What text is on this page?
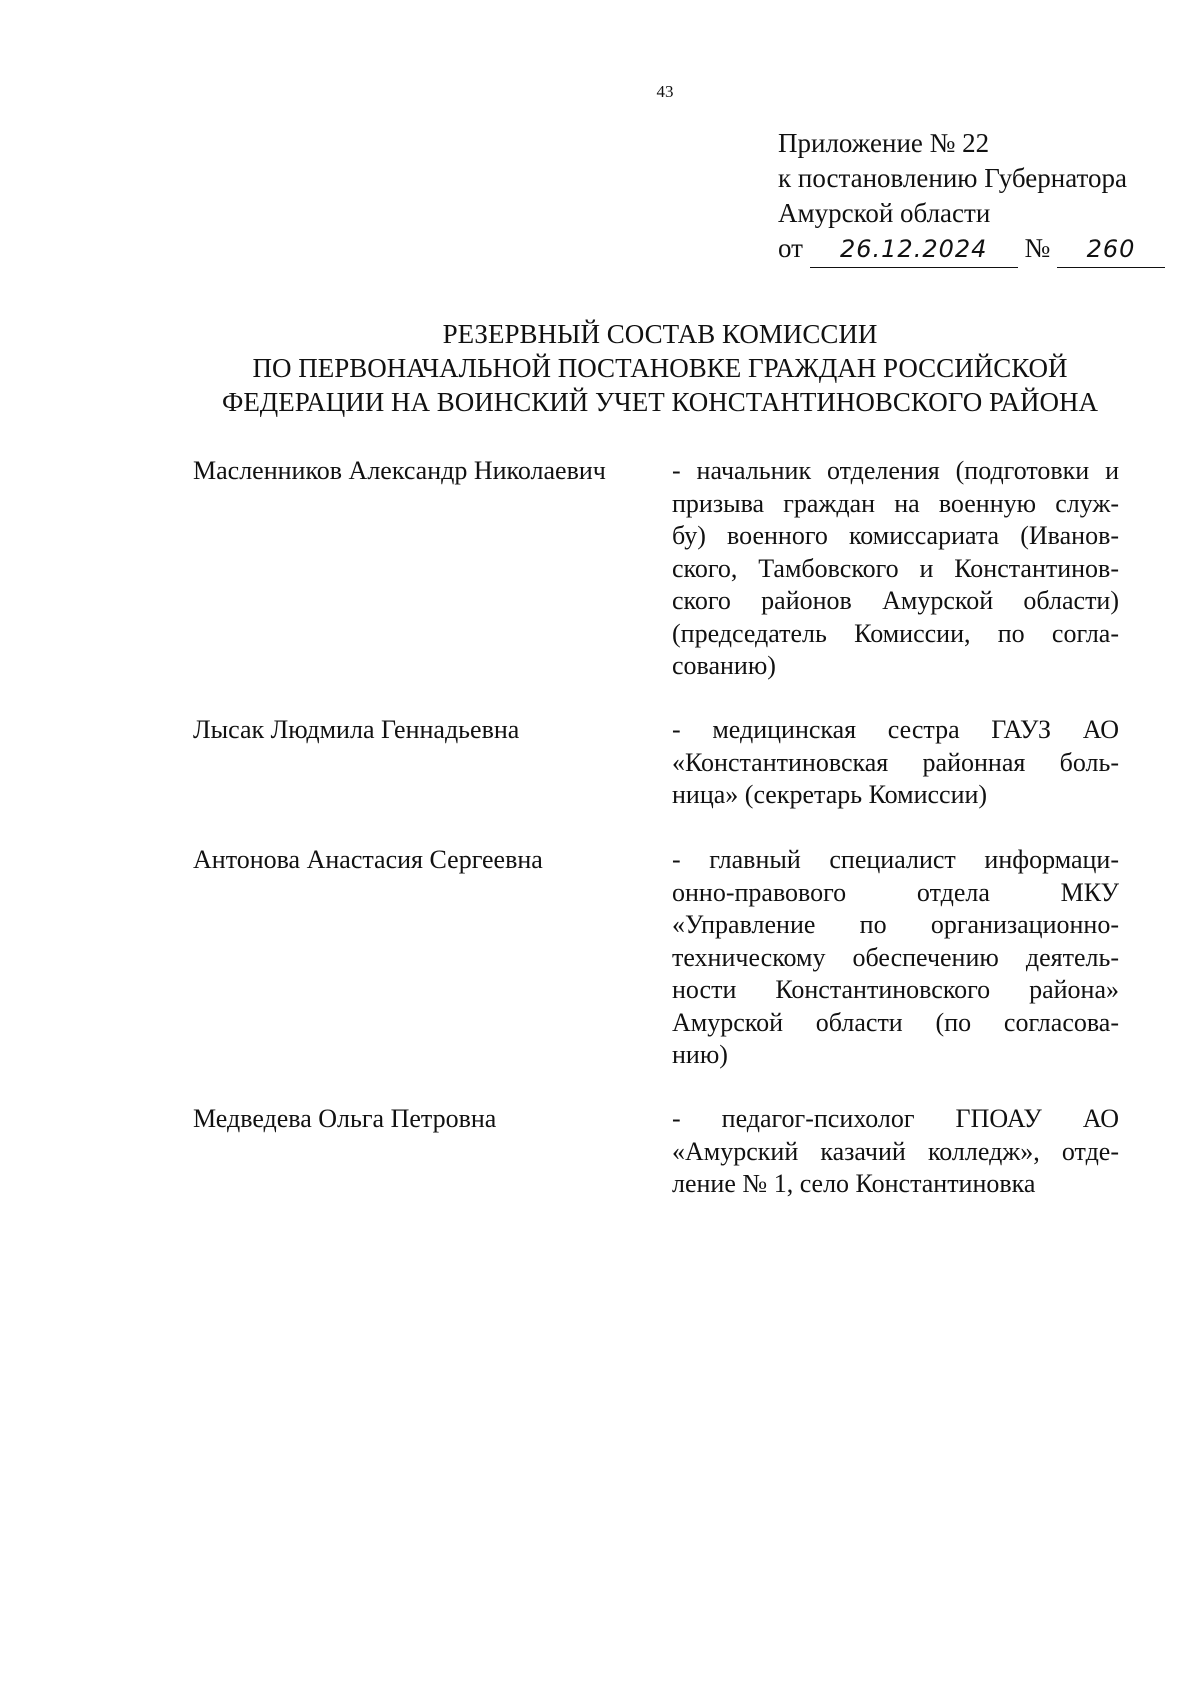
43
Приложение № 22
к постановлению Губернатора
Амурской области
от 26.12.2024 № 260
РЕЗЕРВНЫЙ СОСТАВ КОМИССИИ
ПО ПЕРВОНАЧАЛЬНОЙ ПОСТАНОВКЕ ГРАЖДАН РОССИЙСКОЙ
ФЕДЕРАЦИИ НА ВОИНСКИЙ УЧЕТ КОНСТАНТИНОВСКОГО РАЙОНА
Масленников Александр Николаевич	- начальник отделения (подготовки и
призыва граждан на военную служ-
бу) военного комиссариата (Иванов-
ского, Тамбовского и Константинов-
ского районов Амурской области)
(председатель Комиссии, по согла-
сованию)
Лысак Людмила Геннадьевна	- медицинская сестра ГАУЗ АО
«Константиновская районная боль-
ница» (секретарь Комиссии)
Антонова Анастасия Сергеевна	- главный специалист информаци-
онно-правового отдела МКУ
«Управление по организационно-
техническому обеспечению деятель-
ности Константиновского района»
Амурской области (по согласова-
нию)
Медведева Ольга Петровна	- педагог-психолог ГПОАУ АО
«Амурский казачий колледж», отде-
ление № 1, село Константиновка
